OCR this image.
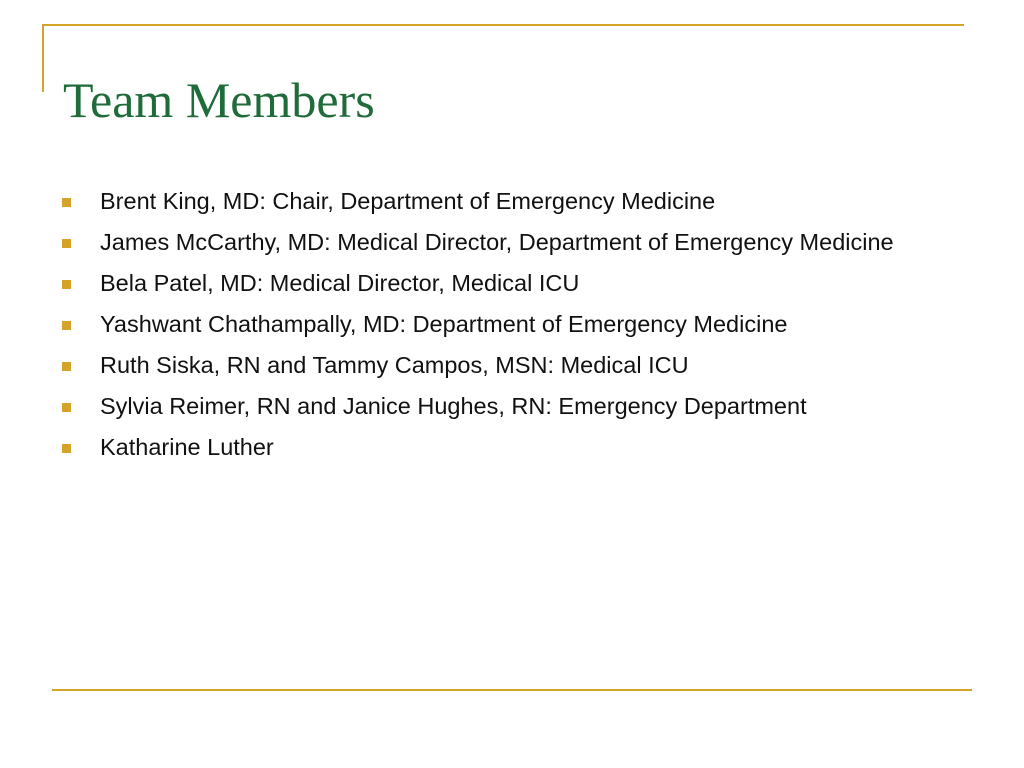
Team Members
Brent King, MD: Chair, Department of Emergency Medicine
James McCarthy, MD: Medical Director, Department of Emergency Medicine
Bela Patel, MD: Medical Director, Medical ICU
Yashwant Chathampally, MD: Department of Emergency Medicine
Ruth Siska, RN and Tammy Campos, MSN: Medical ICU
Sylvia Reimer, RN and Janice Hughes, RN: Emergency Department
Katharine Luther
